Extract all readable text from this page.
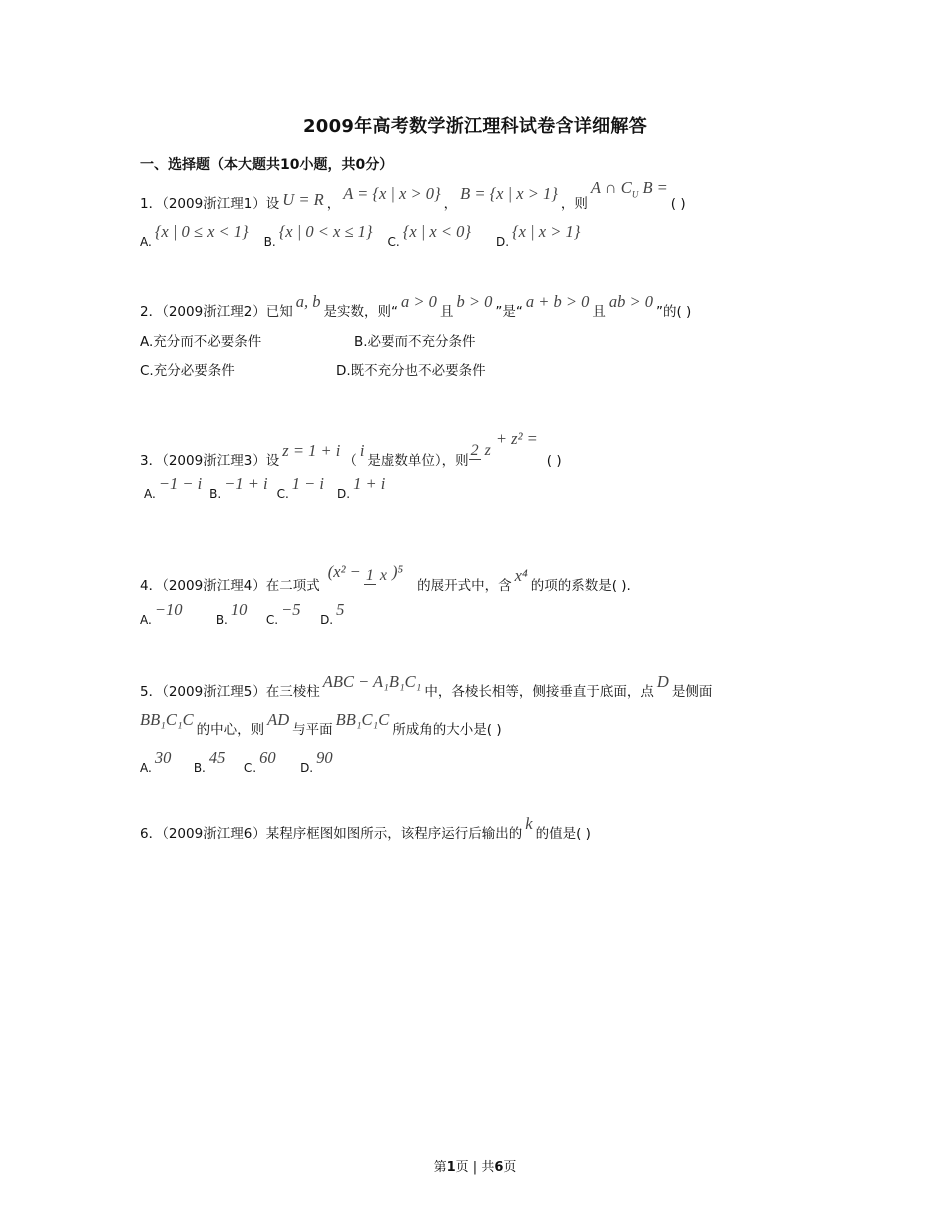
2009年高考数学浙江理科试卷含详细解答
一、选择题（本大题共10小题，共0分）
1．（2009浙江理1）设 U = R ，
A = {x | x > 0}
，
B = {x | x > 1}
，则
A ∩ $C_U$ B =
( )
A.
{x | 0 ≤ x < 1}
B.
{x | 0 < x ≤ 1}
C.
{x | x < 0}
D.
{x | x > 1}
2．（2009浙江理2）已知
a, b
是实数，则“
a > 0
且
b > 0
”是“
a + b > 0
且
ab > 0
”的( )
A.充分而不必要条件	B.必要而不充分条件
C.充分必要条件	D.既不充分也不必要条件
3．（2009浙江理3）设
z = 1 + i
（
i
是虚数单位），则
2 z
+ z² =
( )
A.
−1 − i
B.
−1 + i
C.
1 − i
D.
1 + i
4．（2009浙江理4）在二项式
(x² − 1 x )⁵
的展开式中，含
x⁴
的项的系数是( ).
A.
−10
B.
10
C.
−5
D.
5
5．（2009浙江理5）在三棱柱
ABC − A₁B₁C₁
中，各棱长相等，侧接垂直于底面，点
D
是侧面
BB₁C₁C
的中心，则
AD
与平面
BB₁C₁C
所成角的大小是( )
A.
30
B.
45
C.
60
D.
90
6．（2009浙江理6）某程序框图如图所示，该程序运行后输出的
k
的值是( )
第1页 | 共6页
